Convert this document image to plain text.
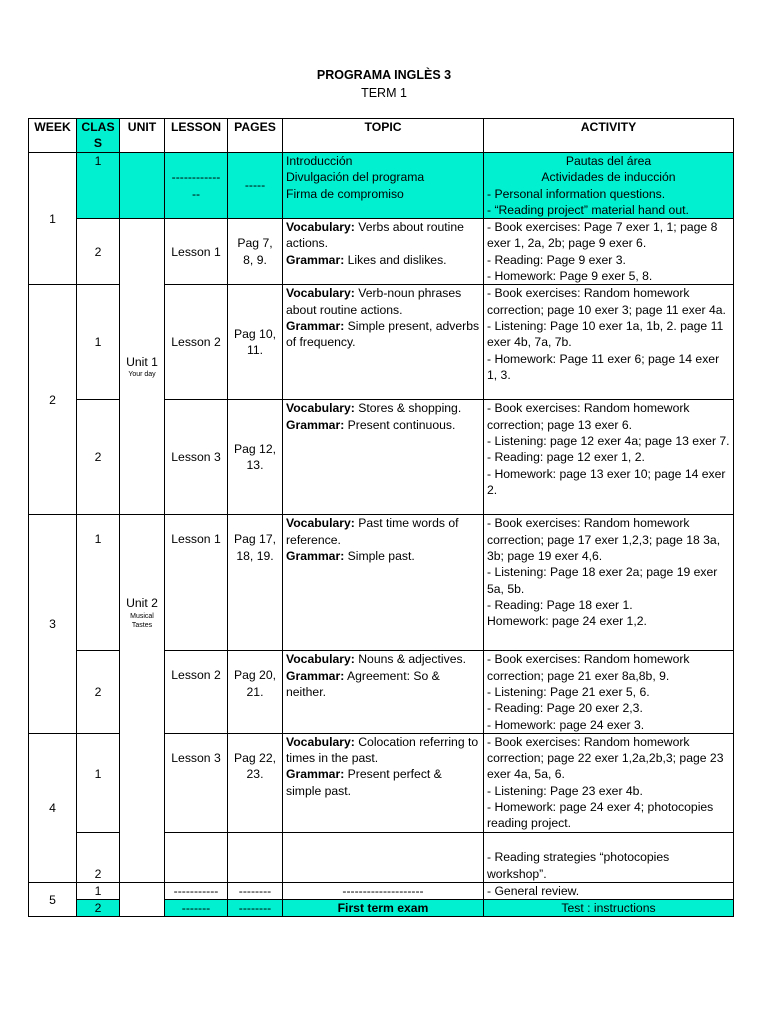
PROGRAMA INGLÈS 3
TERM 1
WEEK	CLAS S	UNIT	LESSON	PAGES	TOPIC	ACTIVITY
1	1		------------ --	-----	Introducción
Divulgación del programa
Firma de compromiso	Pautas del área
Actividades de inducción
- Personal information questions.
- “Reading project” material hand out.

	2	Unit 1
Your day	Lesson 1	Pag 7, 8, 9.	Vocabulary: Verbs about routine actions.
Grammar: Likes and dislikes.	- Book exercises: Page 7 exer 1, 1; page 8 exer 1, 2a, 2b; page 9 exer 6.
- Reading: Page 9 exer 3.
- Homework: Page 9 exer 5, 8.

2	1		Lesson 2	Pag 10, 11.	Vocabulary: Verb-noun phrases about routine actions.
Grammar: Simple present, adverbs of frequency.	- Book exercises: Random homework correction; page 10 exer 3; page 11 exer 4a.
- Listening: Page 10 exer 1a, 1b, 2. page 11 exer 4b, 7a, 7b.
- Homework: Page 11 exer 6; page 14 exer 1, 3.

	2		Lesson 3	Pag 12, 13.	Vocabulary: Stores & shopping.
Grammar: Present continuous.	- Book exercises: Random homework correction; page 13 exer 6.
- Listening: page 12 exer 4a; page 13 exer 7.
- Reading: page 12 exer 1, 2.
- Homework: page 13 exer 10; page 14 exer 2.

3	1	Unit 2
Musical Tastes	Lesson 1	Pag 17, 18, 19.	Vocabulary: Past time words of reference.
Grammar: Simple past.	- Book exercises: Random homework correction; page 17 exer 1,2,3; page 18 3a, 3b; page 19 exer 4,6.
- Listening: Page 18 exer 2a; page 19 exer 5a, 5b.
- Reading: Page 18 exer 1.
Homework: page 24 exer 1,2.

	2		Lesson 2	Pag 20, 21.	Vocabulary: Nouns & adjectives.
Grammar: Agreement: So & neither.	- Book exercises: Random homework correction; page 21 exer 8a,8b, 9.
- Listening: Page 21 exer 5, 6.
- Reading: Page 20 exer 2,3.
- Homework: page 24 exer 3.

4	1		Lesson 3	Pag 22, 23.	Vocabulary: Colocation referring to times in the past.
Grammar: Present perfect & simple past.	- Book exercises: Random homework correction; page 22 exer 1,2a,2b,3; page 23 exer 4a, 5a, 6.
- Listening: Page 23 exer 4b.
- Homework: page 24 exer 4; photocopies reading project.

	2					- Reading strategies “photocopies workshop”.

5	1		-----------	--------	--------------------	- General review.

	2		-------	--------	First term exam	Test : instructions
